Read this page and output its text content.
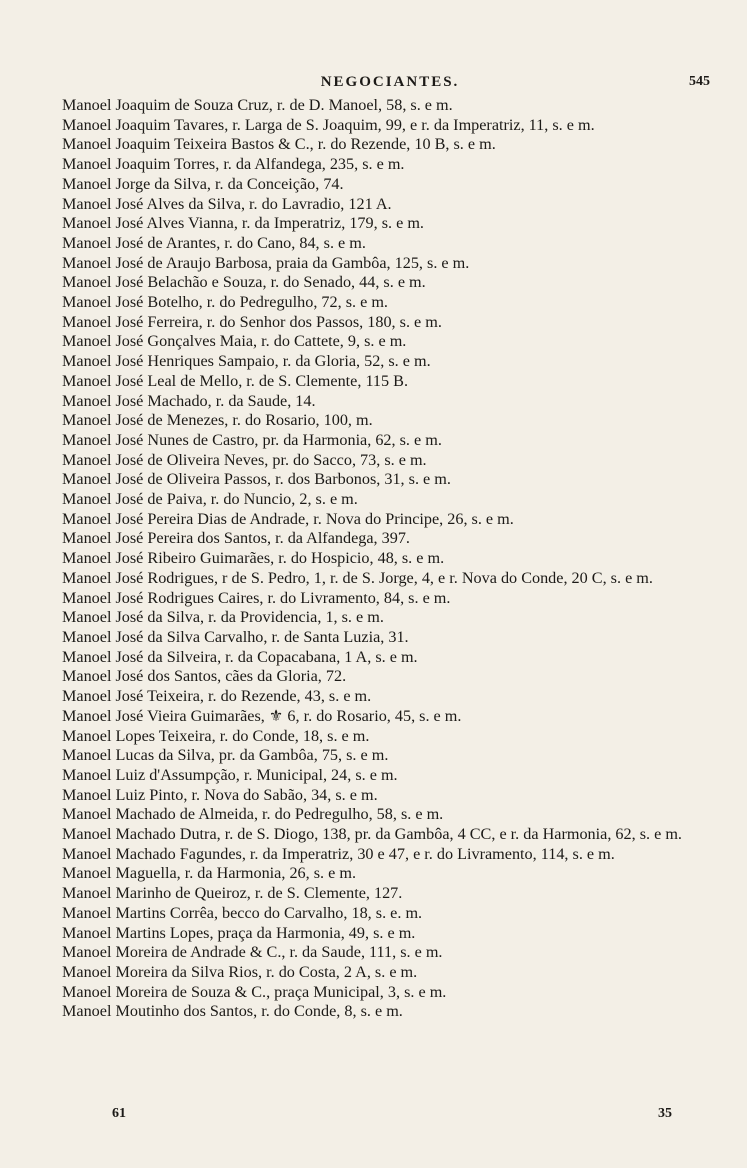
NEGOCIANTES.	545
Manoel Joaquim de Souza Cruz, r. de D. Manoel, 58, s. e m.
Manoel Joaquim Tavares, r. Larga de S. Joaquim, 99, e r. da Imperatriz, 11, s. e m.
Manoel Joaquim Teixeira Bastos & C., r. do Rezende, 10 B, s. e m.
Manoel Joaquim Torres, r. da Alfandega, 235, s. e m.
Manoel Jorge da Silva, r. da Conceição, 74.
Manoel José Alves da Silva, r. do Lavradio, 121 A.
Manoel José Alves Vianna, r. da Imperatriz, 179, s. e m.
Manoel José de Arantes, r. do Cano, 84, s. e m.
Manoel José de Araujo Barbosa, praia da Gambôa, 125, s. e m.
Manoel José Belachão e Souza, r. do Senado, 44, s. e m.
Manoel José Botelho, r. do Pedregulho, 72, s. e m.
Manoel José Ferreira, r. do Senhor dos Passos, 180, s. e m.
Manoel José Gonçalves Maia, r. do Cattete, 9, s. e m.
Manoel José Henriques Sampaio, r. da Gloria, 52, s. e m.
Manoel José Leal de Mello, r. de S. Clemente, 115 B.
Manoel José Machado, r. da Saude, 14.
Manoel José de Menezes, r. do Rosario, 100, m.
Manoel José Nunes de Castro, pr. da Harmonia, 62, s. e m.
Manoel José de Oliveira Neves, pr. do Sacco, 73, s. e m.
Manoel José de Oliveira Passos, r. dos Barbonos, 31, s. e m.
Manoel José de Paiva, r. do Nuncio, 2, s. e m.
Manoel José Pereira Dias de Andrade, r. Nova do Principe, 26, s. e m.
Manoel José Pereira dos Santos, r. da Alfandega, 397.
Manoel José Ribeiro Guimarães, r. do Hospicio, 48, s. e m.
Manoel José Rodrigues, r de S. Pedro, 1, r. de S. Jorge, 4, e r. Nova do Conde, 20 C, s. e m.
Manoel José Rodrigues Caires, r. do Livramento, 84, s. e m.
Manoel José da Silva, r. da Providencia, 1, s. e m.
Manoel José da Silva Carvalho, r. de Santa Luzia, 31.
Manoel José da Silveira, r. da Copacabana, 1 A, s. e m.
Manoel José dos Santos, cães da Gloria, 72.
Manoel José Teixeira, r. do Rezende, 43, s. e m.
Manoel José Vieira Guimarães, ⚜ 6, r. do Rosario, 45, s. e m.
Manoel Lopes Teixeira, r. do Conde, 18, s. e m.
Manoel Lucas da Silva, pr. da Gambôa, 75, s. e m.
Manoel Luiz d'Assumpção, r. Municipal, 24, s. e m.
Manoel Luiz Pinto, r. Nova do Sabão, 34, s. e m.
Manoel Machado de Almeida, r. do Pedregulho, 58, s. e m.
Manoel Machado Dutra, r. de S. Diogo, 138, pr. da Gambôa, 4 CC, e r. da Harmonia, 62, s. e m.
Manoel Machado Fagundes, r. da Imperatriz, 30 e 47, e r. do Livramento, 114, s. e m.
Manoel Maguella, r. da Harmonia, 26, s. e m.
Manoel Marinho de Queiroz, r. de S. Clemente, 127.
Manoel Martins Corrêa, becco do Carvalho, 18, s. e. m.
Manoel Martins Lopes, praça da Harmonia, 49, s. e m.
Manoel Moreira de Andrade & C., r. da Saude, 111, s. e m.
Manoel Moreira da Silva Rios, r. do Costa, 2 A, s. e m.
Manoel Moreira de Souza & C., praça Municipal, 3, s. e m.
Manoel Moutinho dos Santos, r. do Conde, 8, s. e m.
61	35
